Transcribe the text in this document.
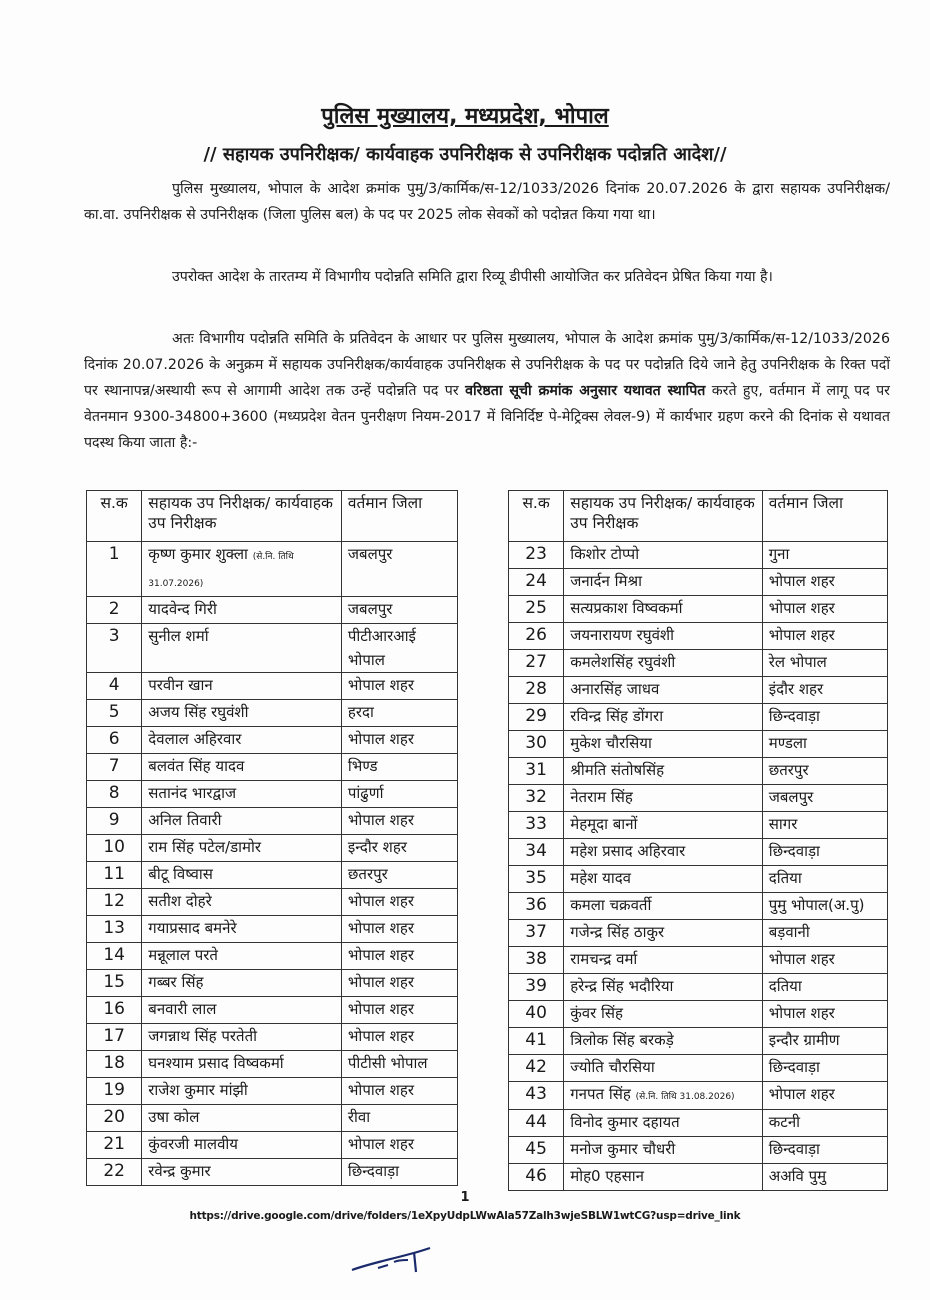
पुलिस मुख्यालय, मध्यप्रदेश, भोपाल
// सहायक उपनिरीक्षक/ कार्यवाहक उपनिरीक्षक से उपनिरीक्षक पदोन्नति आदेश//
पुलिस मुख्यालय, भोपाल के आदेश क्रमांक पुमु/3/कार्मिक/स-12/1033/2026 दिनांक 20.07.2026 के द्वारा सहायक उपनिरीक्षक/का.वा. उपनिरीक्षक से उपनिरीक्षक (जिला पुलिस बल) के पद पर 2025 लोक सेवकों को पदोन्नत किया गया था।
उपरोक्त आदेश के तारतम्य में विभागीय पदोन्नति समिति द्वारा रिव्यू डीपीसी आयोजित कर प्रतिवेदन प्रेषित किया गया है।
अतः विभागीय पदोन्नति समिति के प्रतिवेदन के आधार पर पुलिस मुख्यालय, भोपाल के आदेश क्रमांक पुमु/3/कार्मिक/स-12/1033/2026 दिनांक 20.07.2026 के अनुक्रम में सहायक उपनिरीक्षक/कार्यवाहक उपनिरीक्षक से उपनिरीक्षक के पद पर पदोन्नति दिये जाने हेतु उपनिरीक्षक के रिक्त पदों पर स्थानापन्न/अस्थायी रूप से आगामी आदेश तक उन्हें पदोन्नति पद पर वरिष्ठता सूची क्रमांक अनुसार यथावत स्थापित करते हुए, वर्तमान में लागू पद पर वेतनमान 9300-34800+3600 (मध्यप्रदेश वेतन पुनरीक्षण नियम-2017 में विनिर्दिष्ट पे-मेट्रिक्स लेवल-9) में कार्यभार ग्रहण करने की दिनांक से यथावत पदस्थ किया जाता है:-
स.क	सहायक उप निरीक्षक/ कार्यवाहक उप निरीक्षक	वर्तमान जिला
1	कृष्ण कुमार शुक्ला (से.नि. तिथि 31.07.2026)	जबलपुर
2	यादवेन्द गिरी	जबलपुर
3	सुनील शर्मा	पीटीआरआई भोपाल
4	परवीन खान	भोपाल शहर
5	अजय सिंह रघुवंशी	हरदा
6	देवलाल अहिरवार	भोपाल शहर
7	बलवंत सिंह यादव	भिण्ड
8	सतानंद भारद्वाज	पांढुर्णा
9	अनिल तिवारी	भोपाल शहर
10	राम सिंह पटेल/डामोर	इन्दौर शहर
11	बीटू विष्वास	छतरपुर
12	सतीश दोहरे	भोपाल शहर
13	गयाप्रसाद बमनेरे	भोपाल शहर
14	मन्नूलाल परते	भोपाल शहर
15	गब्बर सिंह	भोपाल शहर
16	बनवारी लाल	भोपाल शहर
17	जगन्नाथ सिंह परतेती	भोपाल शहर
18	घनश्याम प्रसाद विष्वकर्मा	पीटीसी भोपाल
19	राजेश कुमार मांझी	भोपाल शहर
20	उषा कोल	रीवा
21	कुंवरजी मालवीय	भोपाल शहर
22	रवेन्द्र कुमार	छिन्दवाड़ा
स.क	सहायक उप निरीक्षक/ कार्यवाहक उप निरीक्षक	वर्तमान जिला
23	किशोर टोप्पो	गुना
24	जनार्दन मिश्रा	भोपाल शहर
25	सत्यप्रकाश विष्वकर्मा	भोपाल शहर
26	जयनारायण रघुवंशी	भोपाल शहर
27	कमलेशसिंह रघुवंशी	रेल भोपाल
28	अनारसिंह जाधव	इंदौर शहर
29	रविन्द्र सिंह डोंगरा	छिन्दवाड़ा
30	मुकेश चौरसिया	मण्डला
31	श्रीमति संतोषसिंह	छतरपुर
32	नेतराम सिंह	जबलपुर
33	मेहमूदा बानों	सागर
34	महेश प्रसाद अहिरवार	छिन्दवाड़ा
35	महेश यादव	दतिया
36	कमला चक्रवर्ती	पुमु भोपाल(अ.पु)
37	गजेन्द्र सिंह ठाकुर	बड़वानी
38	रामचन्द्र वर्मा	भोपाल शहर
39	हरेन्द्र सिंह भदौरिया	दतिया
40	कुंवर सिंह	भोपाल शहर
41	त्रिलोक सिंह बरकड़े	इन्दौर ग्रामीण
42	ज्योति चौरसिया	छिन्दवाड़ा
43	गनपत सिंह (से.नि. तिथि 31.08.2026)	भोपाल शहर
44	विनोद कुमार दहायत	कटनी
45	मनोज कुमार चौधरी	छिन्दवाड़ा
46	मोह0 एहसान	अअवि पुमु
1
https://drive.google.com/drive/folders/1eXpyUdpLWwAla57Zalh3wjeSBLW1wtCG?usp=drive_link
